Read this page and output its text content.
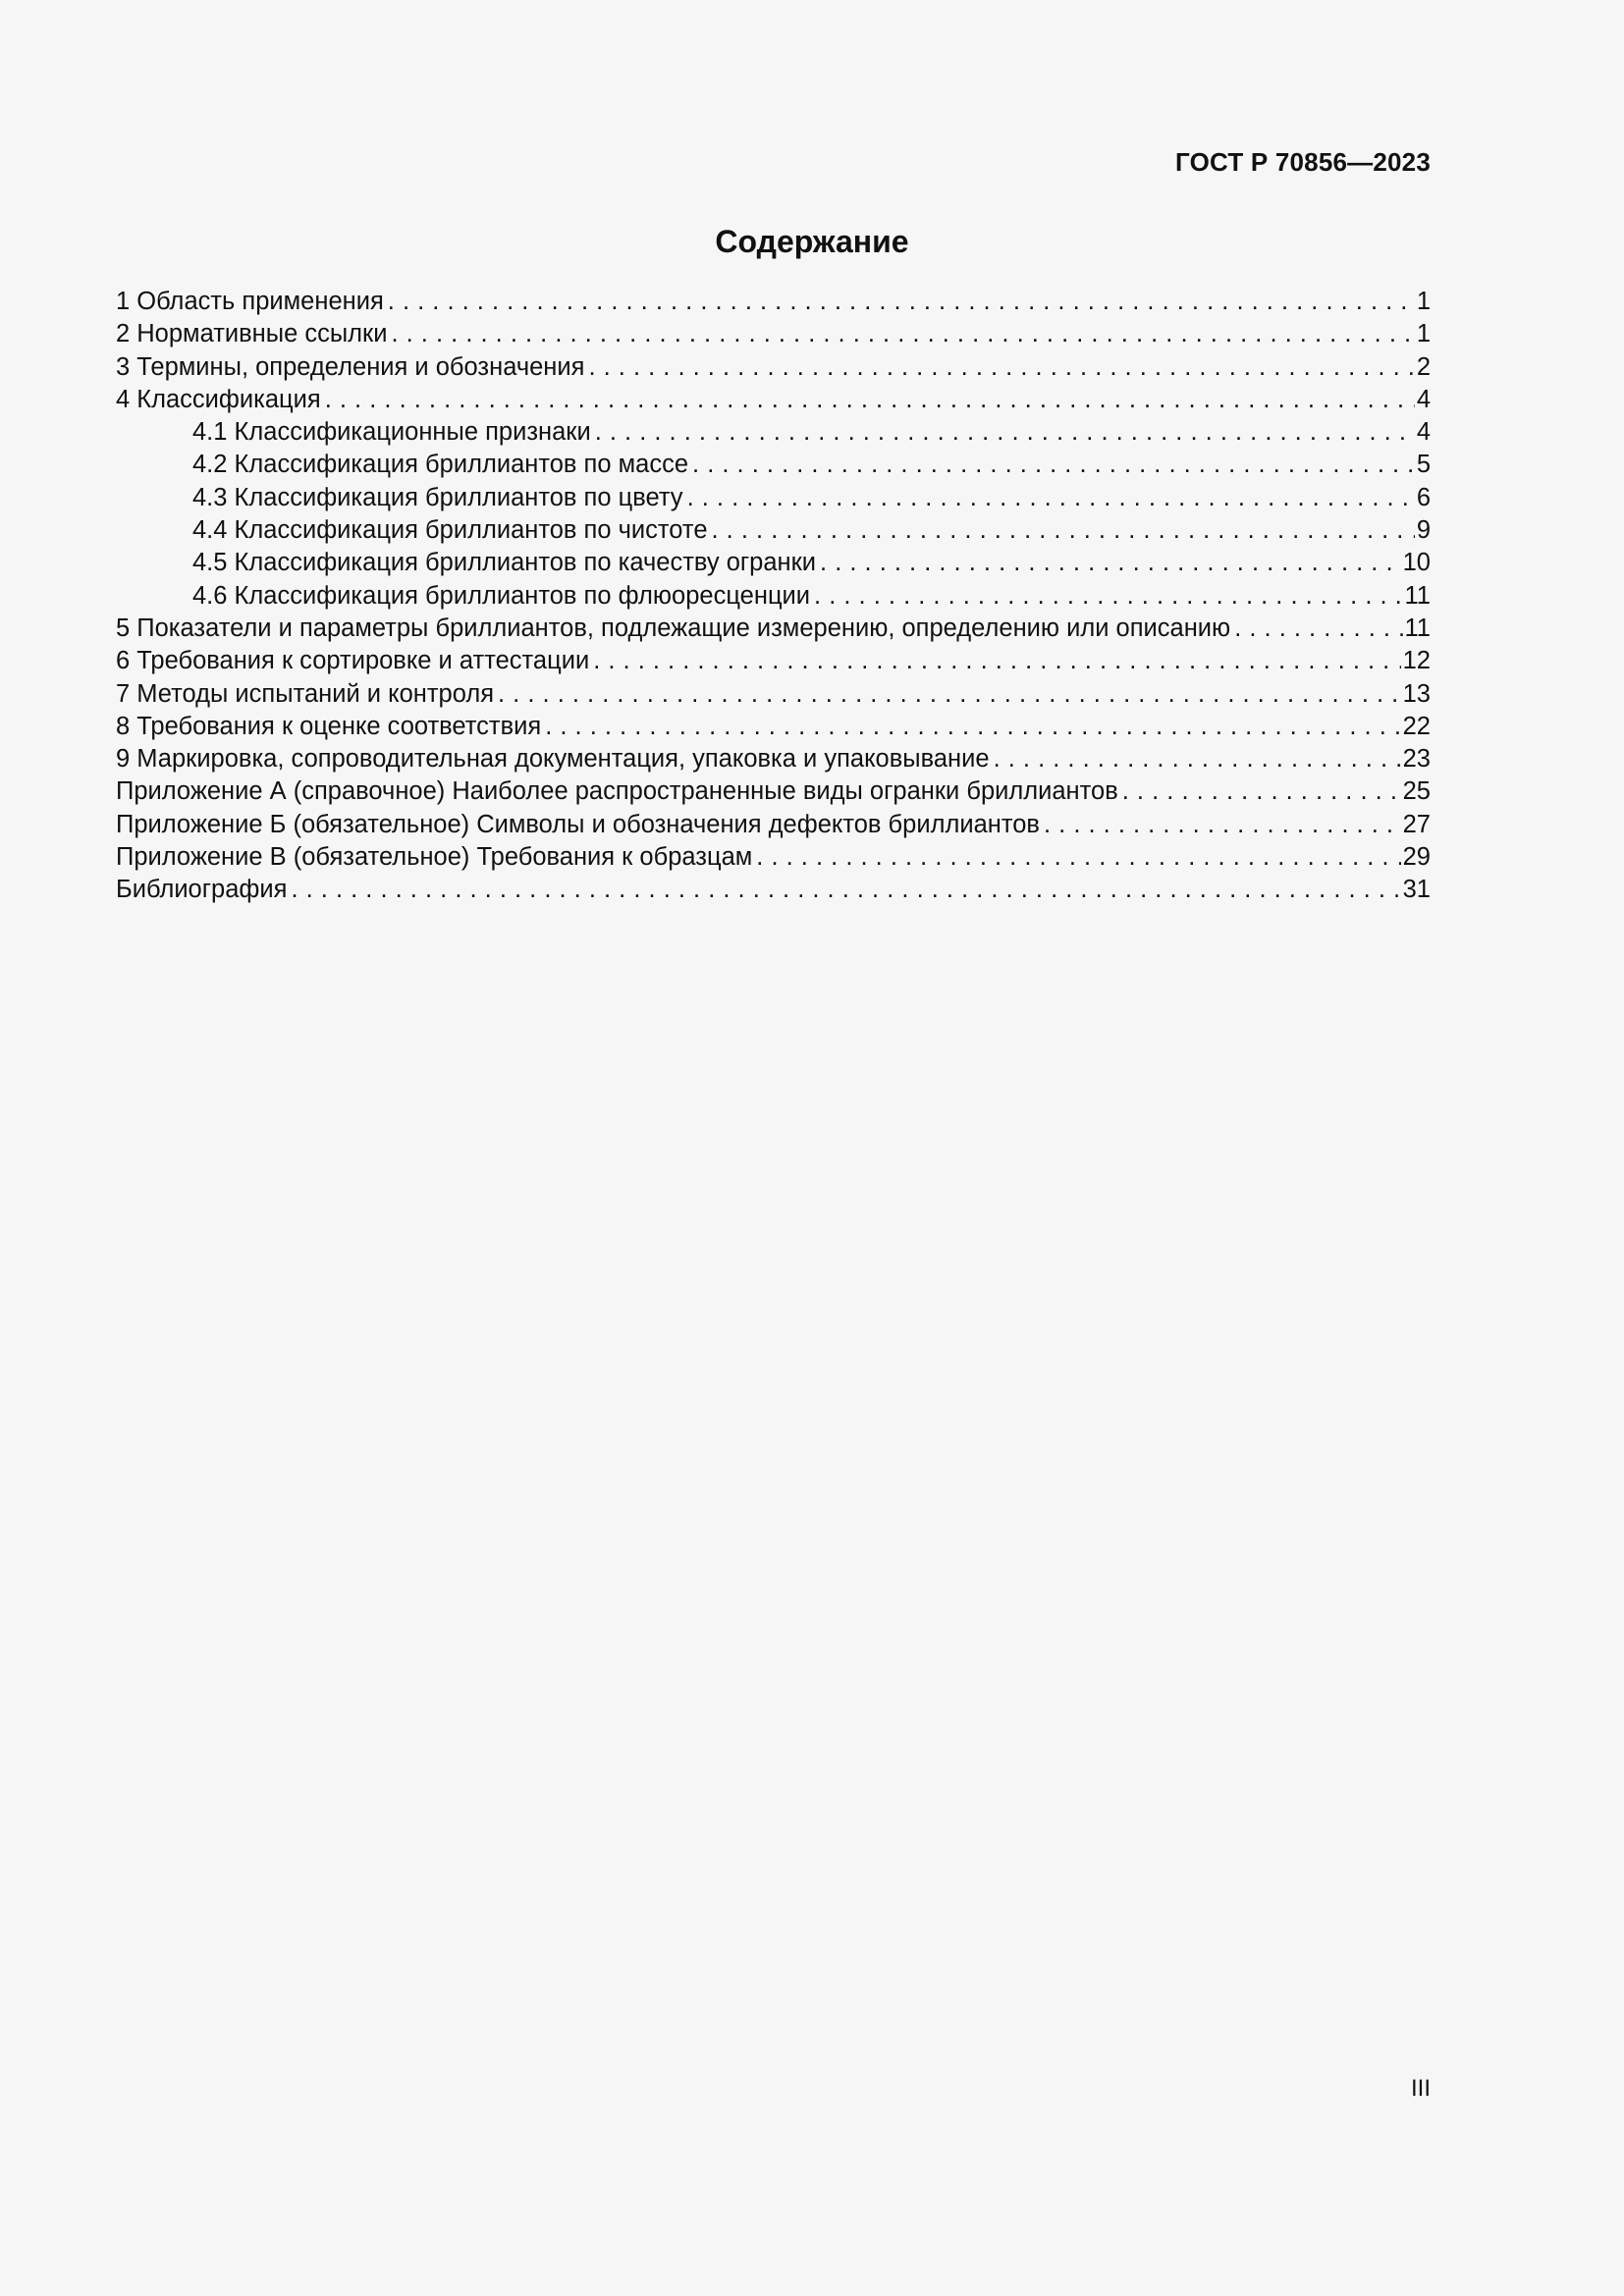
ГОСТ Р 70856—2023
Содержание
1 Область применения . . .	1
2 Нормативные ссылки . . .	1
3 Термины, определения и обозначения . . .	2
4 Классификация . . .	4
4.1 Классификационные признаки . . .	4
4.2 Классификация бриллиантов по массе . . .	5
4.3 Классификация бриллиантов по цвету . . .	6
4.4 Классификация бриллиантов по чистоте . . .	9
4.5 Классификация бриллиантов по качеству огранки . . .	10
4.6 Классификация бриллиантов по флюоресценции . . .	11
5 Показатели и параметры бриллиантов, подлежащие измерению, определению или описанию . . .	11
6 Требования к сортировке и аттестации . . .	12
7 Методы испытаний и контроля . . .	13
8 Требования к оценке соответствия . . .	22
9 Маркировка, сопроводительная документация, упаковка и упаковывание . . .	23
Приложение А (справочное) Наиболее распространенные виды огранки бриллиантов . . .	25
Приложение Б (обязательное) Символы и обозначения дефектов бриллиантов . . .	27
Приложение В (обязательное) Требования к образцам . . .	29
Библиография . . .	31
III
